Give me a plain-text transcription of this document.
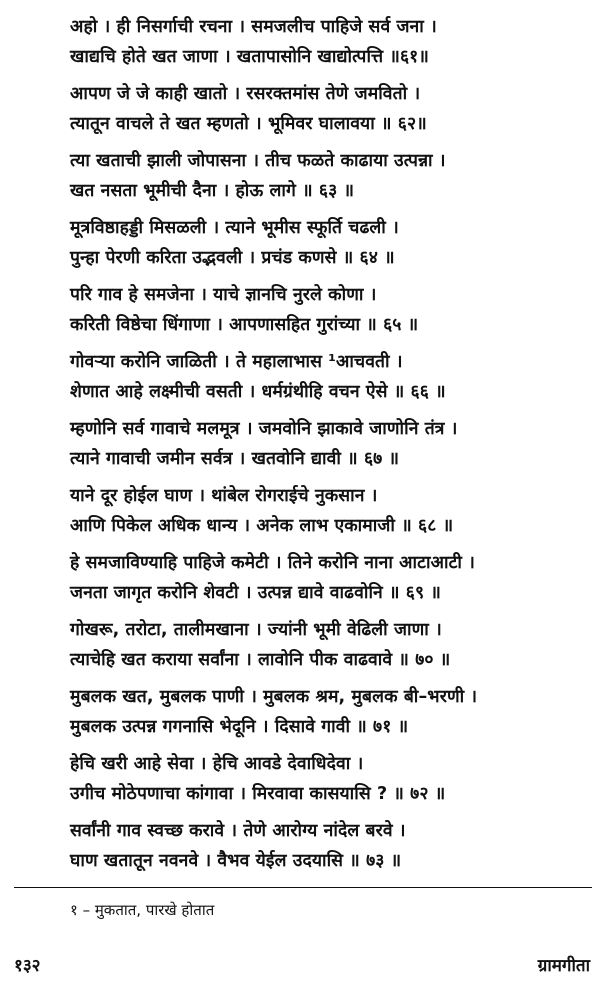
अहो । ही निसर्गाची रचना । समजलीच पाहिजे सर्व जना ।
खाद्यचि होते खत जाणा । खतापासोनि खाद्योत्पत्ति ॥६१॥
आपण जे जे काही खातो । रसरक्तमांस तेणे जमवितो ।
त्यातून वाचले ते खत म्हणतो । भूमिवर घालावया ॥ ६२॥
त्या खताची झाली जोपासना । तीच फळते काढाया उत्पन्ना ।
खत नसता भूमीची दैना । होऊ लागे ॥ ६३ ॥
मूत्रविष्ठाहड्डी मिसळली । त्याने भूमीस स्फूर्ति चढली ।
पुन्हा पेरणी करिता उद्भवली । प्रचंड कणसे ॥ ६४ ॥
परि गाव हे समजेना । याचे ज्ञानचि नुरले कोणा ।
करिती विष्ठेचा धिंगाणा । आपणासहित गुरांच्या ॥ ६५ ॥
गोवऱ्या करोनि जाळिती । ते महालाभास ¹आचवती ।
शेणात आहे लक्ष्मीची वसती । धर्मग्रंथीहि वचन ऐसे ॥ ६६ ॥
म्हणोनि सर्व गावाचे मलमूत्र । जमवोनि झाकावे जाणोनि तंत्र ।
त्याने गावाची जमीन सर्वत्र । खतवोनि द्यावी ॥ ६७ ॥
याने दूर होईल घाण । थांबेल रोगराईचे नुकसान ।
आणि पिकेल अधिक धान्य । अनेक लाभ एकामाजी ॥ ६८ ॥
हे समजाविण्याहि पाहिजे कमेटी । तिने करोनि नाना आटाआटी ।
जनता जागृत करोनि शेवटी । उत्पन्न द्यावे वाढवोनि ॥ ६९ ॥
गोखरू, तरोटा, तालीमखाना । ज्यांनी भूमी वेढिली जाणा ।
त्याचेहि खत कराया सर्वांना । लावोनि पीक वाढवावे ॥ ७० ॥
मुबलक खत, मुबलक पाणी । मुबलक श्रम, मुबलक बी–भरणी ।
मुबलक उत्पन्न गगनासि भेदूनि । दिसावे गावी ॥ ७१ ॥
हेचि खरी आहे सेवा । हेचि आवडे देवाधिदेवा ।
उगीच मोठेपणाचा कांगावा । मिरवावा कासयासि ? ॥ ७२ ॥
सर्वांनी गाव स्वच्छ करावे । तेणे आरोग्य नांदेल बरवे ।
घाण खतातून नवनवे । वैभव येईल उदयासि ॥ ७३ ॥
१ – मुकतात, पारखे होतात
१३२	ग्रामगीता
